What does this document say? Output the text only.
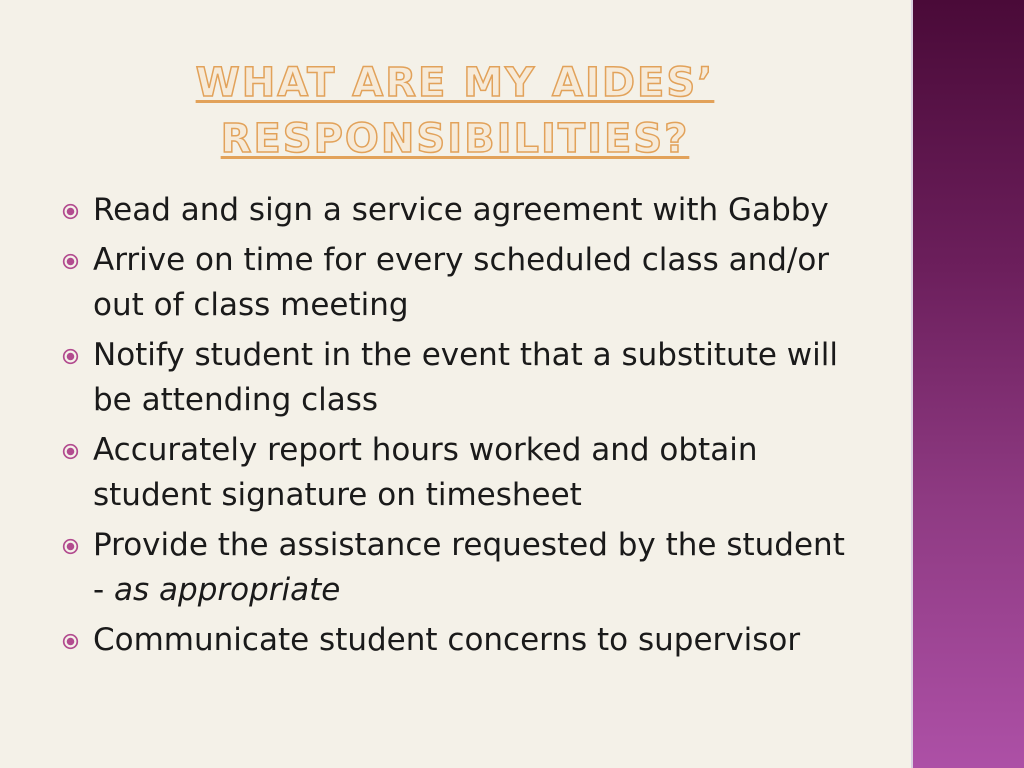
WHAT ARE MY AIDES’
RESPONSIBILITIES?
Read and sign a service agreement with Gabby
Arrive on time for every scheduled class and/or out of class meeting
Notify student in the event that a substitute will be attending class
Accurately report hours worked and obtain student signature on timesheet
Provide the assistance requested by the student - as appropriate
Communicate student concerns to supervisor
